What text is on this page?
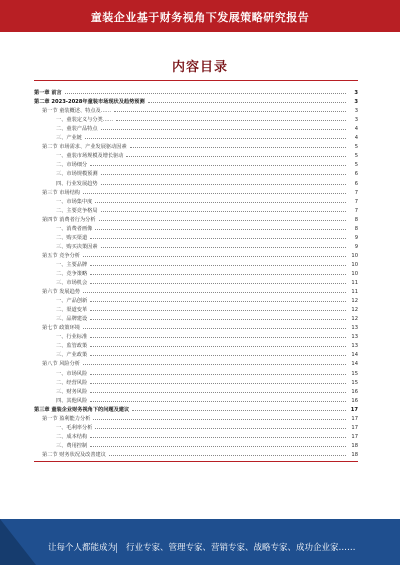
童装企业基于财务视角下发展策略研究报告
内容目录
第一章 前言	3
第二章 2023-2028年童装市场现状及趋势预测	3
第一节 童装概述、特点及……	3
一、童装定义与分类……	3
二、童装产品特点	4
三、产业链	4
第二节 市场需求、产业发展驱动因素	5
一、童装市场规模及增长驱动	5
二、市场细分	5
三、市场规模预测	6
四、行业发展趋势	6
第三节 市场结构	7
一、市场集中度	7
二、主要竞争格局	7
第四节 消费者行为分析	8
一、消费者画像	8
二、购买渠道	9
三、购买决策因素	9
第五节 竞争分析	10
一、主要品牌	10
二、竞争策略	10
三、市场机会	11
第六节 发展趋势	11
一、产品创新	12
二、渠道变革	12
三、品牌建设	12
第七节 政策环境	13
一、行业标准	13
二、监管政策	13
三、产业政策	14
第八节 风险分析	14
一、市场风险	15
二、经营风险	15
三、财务风险	16
四、其他风险	16
第三章 童装企业财务视角下的问题及建议	17
第一节 盈利能力分析	17
一、毛利率分析	17
二、成本结构	17
三、费用控制	18
第二节 财务状况及改善建议	18
让每个人都能成为 行业专家、管理专家、营销专家、战略专家、成功企业家……
